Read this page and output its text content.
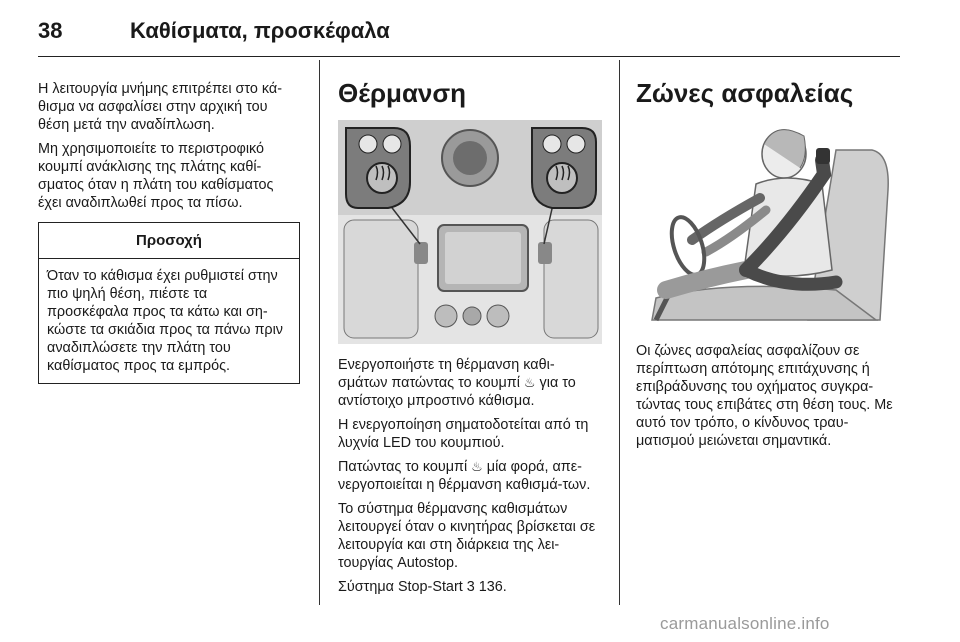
38	Καθίσματα, προσκέφαλα

Η λειτουργία μνήμης επιτρέπει στο κά-θισμα να ασφαλίσει στην αρχική του θέση μετά την αναδίπλωση.

Μη χρησιμοποιείτε το περιστροφικό κουμπί ανάκλισης της πλάτης καθί-σματος όταν η πλάτη του καθίσματος έχει αναδιπλωθεί προς τα πίσω.

Προσοχή
Όταν το κάθισμα έχει ρυθμιστεί στην πιο ψηλή θέση, πιέστε τα προσκέφαλα προς τα κάτω και ση-κώστε τα σκιάδια προς τα πάνω πριν αναδιπλώσετε την πλάτη του καθίσματος προς τα εμπρός.
Θέρμανση

Ενεργοποιήστε τη θέρμανση καθι-σμάτων πατώντας το κουμπί ♨ για το αντίστοιχο μπροστινό κάθισμα.

Η ενεργοποίηση σηματοδοτείται από τη λυχνία LED του κουμπιού.

Πατώντας το κουμπί ♨ μία φορά, απε-νεργοποιείται η θέρμανση καθισμά-των.

Το σύστημα θέρμανσης καθισμάτων λειτουργεί όταν ο κινητήρας βρίσκεται σε λειτουργία και στη διάρκεια της λει-τουργίας Autostop.

Σύστημα Stop-Start 3 136.

Ζώνες ασφαλείας

Οι ζώνες ασφαλείας ασφαλίζουν σε περίπτωση απότομης επιτάχυνσης ή επιβράδυνσης του οχήματος συγκρα-τώντας τους επιβάτες στη θέση τους. Με αυτό τον τρόπο, ο κίνδυνος τραυ-ματισμού μειώνεται σημαντικά.

carmanualsonline.info
